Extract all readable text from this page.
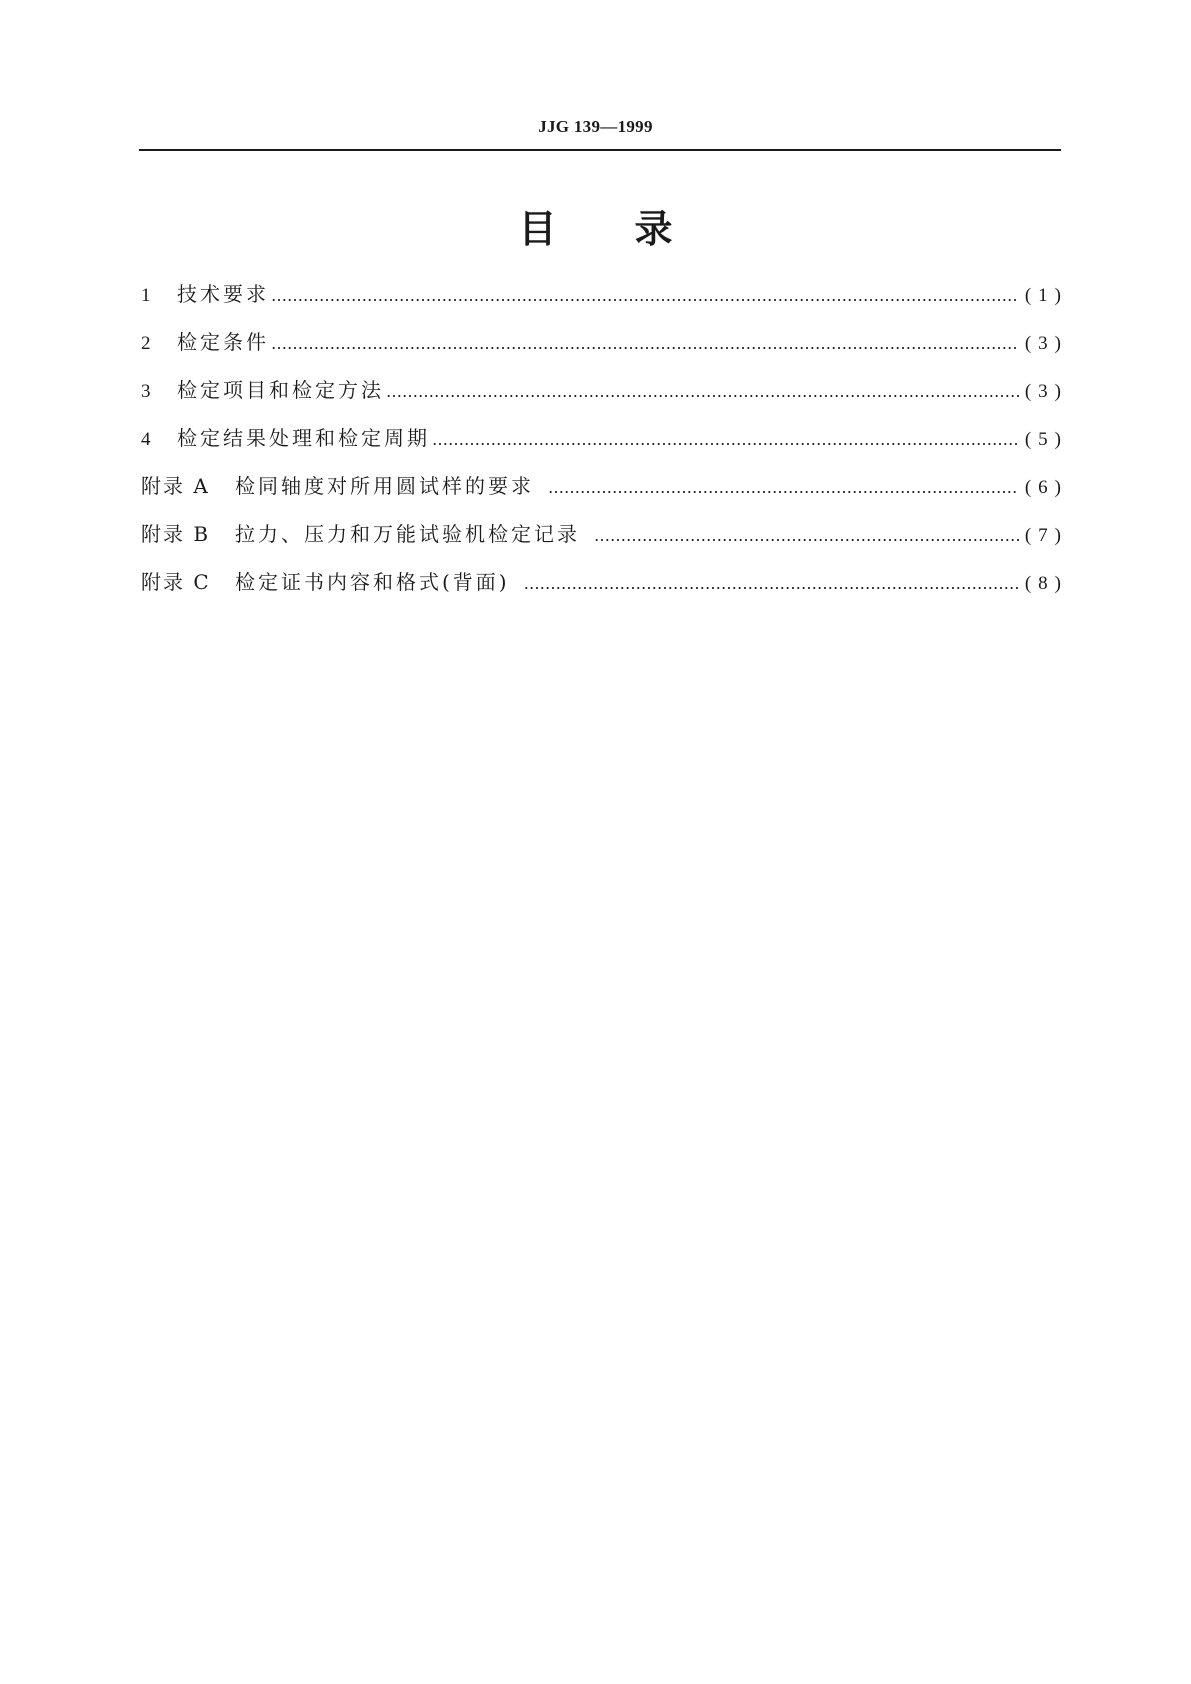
JJG 139—1999
目录
1	技术要求 ……………………………………………………………………………………………………………………………………………………………………………………………………………	(1)
2	检定条件 ……………………………………………………………………………………………………………………………………………………………………………………………………………	(3)
3	检定项目和检定方法 ……………………………………………………………………………………………………………………………………………………………………………………………………………	(3)
4	检定结果处理和检定周期 ……………………………………………………………………………………………………………………………………………………………………………………………………………	(5)
附录 A	检同轴度对所用圆试样的要求 ……………………………………………………………………………………………………………………………………………………………………………………………………………	(6)
附录 B	拉力、压力和万能试验机检定记录 ……………………………………………………………………………………………………………………………………………………………………………………………………………	(7)
附录 C	检定证书内容和格式(背面) ……………………………………………………………………………………………………………………………………………………………………………………………………………	(8)
